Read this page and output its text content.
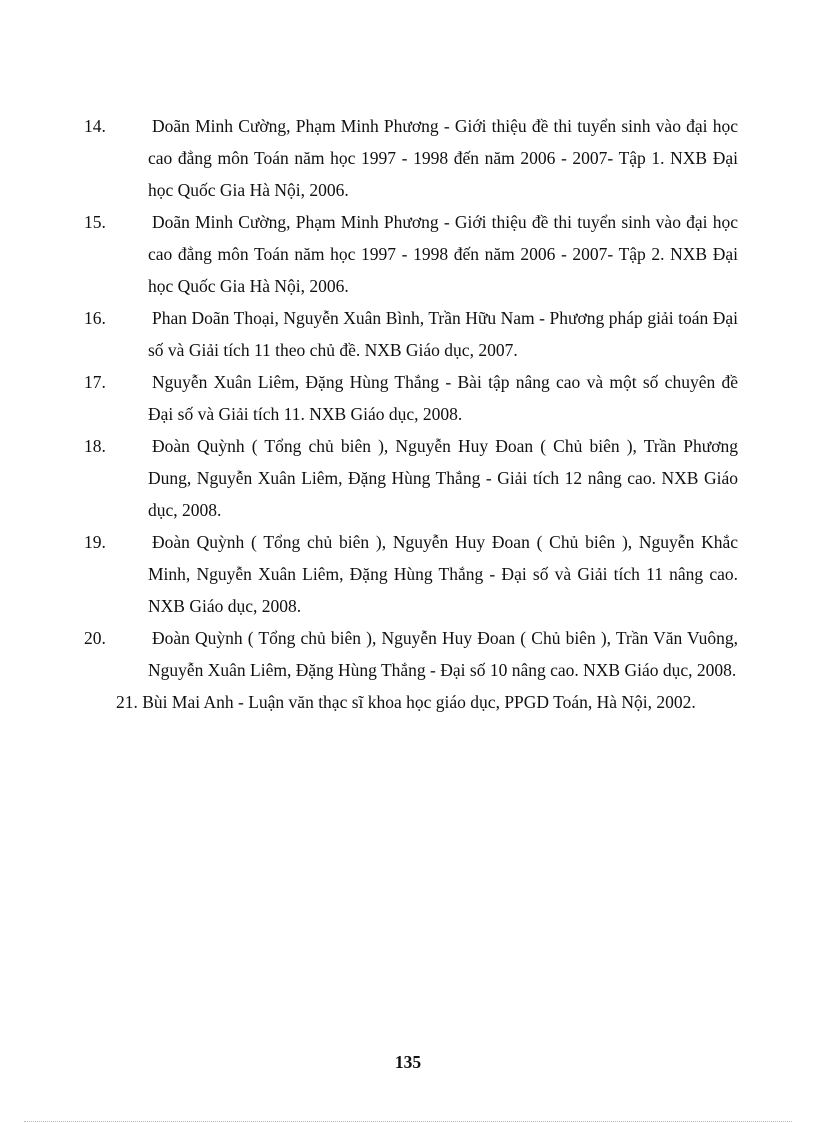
14.	Doãn Minh Cường, Phạm Minh Phương - Giới thiệu đề thi tuyển sinh vào đại học cao đẳng môn Toán năm học 1997 - 1998 đến năm 2006 - 2007- Tập 1. NXB Đại học Quốc Gia Hà Nội, 2006.
15.	Doãn Minh Cường, Phạm Minh Phương - Giới thiệu đề thi tuyển sinh vào đại học cao đẳng môn Toán năm học 1997 - 1998 đến năm 2006 - 2007- Tập 2. NXB Đại học Quốc Gia Hà Nội, 2006.
16.	Phan Doãn Thoại, Nguyễn Xuân Bình, Trần Hữu Nam - Phương pháp giải toán Đại số và Giải tích 11 theo chủ đề. NXB Giáo dục, 2007.
17.	Nguyễn Xuân Liêm, Đặng Hùng Thắng - Bài tập nâng cao và một số chuyên đề Đại số và Giải tích 11. NXB Giáo dục, 2008.
18.	Đoàn Quỳnh ( Tổng chủ biên ), Nguyễn Huy Đoan ( Chủ biên ), Trần Phương Dung, Nguyễn Xuân Liêm, Đặng Hùng Thắng - Giải tích 12 nâng cao. NXB Giáo dục, 2008.
19.	Đoàn Quỳnh ( Tổng chủ biên ), Nguyễn Huy Đoan ( Chủ biên ), Nguyễn Khắc Minh, Nguyễn Xuân Liêm, Đặng Hùng Thắng - Đại số và Giải tích 11 nâng cao. NXB Giáo dục, 2008.
20.	Đoàn Quỳnh ( Tổng chủ biên ), Nguyễn Huy Đoan ( Chủ biên ), Trần Văn Vuông, Nguyễn Xuân Liêm, Đặng Hùng Thắng - Đại số 10 nâng cao. NXB Giáo dục, 2008.
21. Bùi Mai Anh - Luận văn thạc sĩ khoa học giáo dục, PPGD Toán, Hà Nội, 2002.
135
